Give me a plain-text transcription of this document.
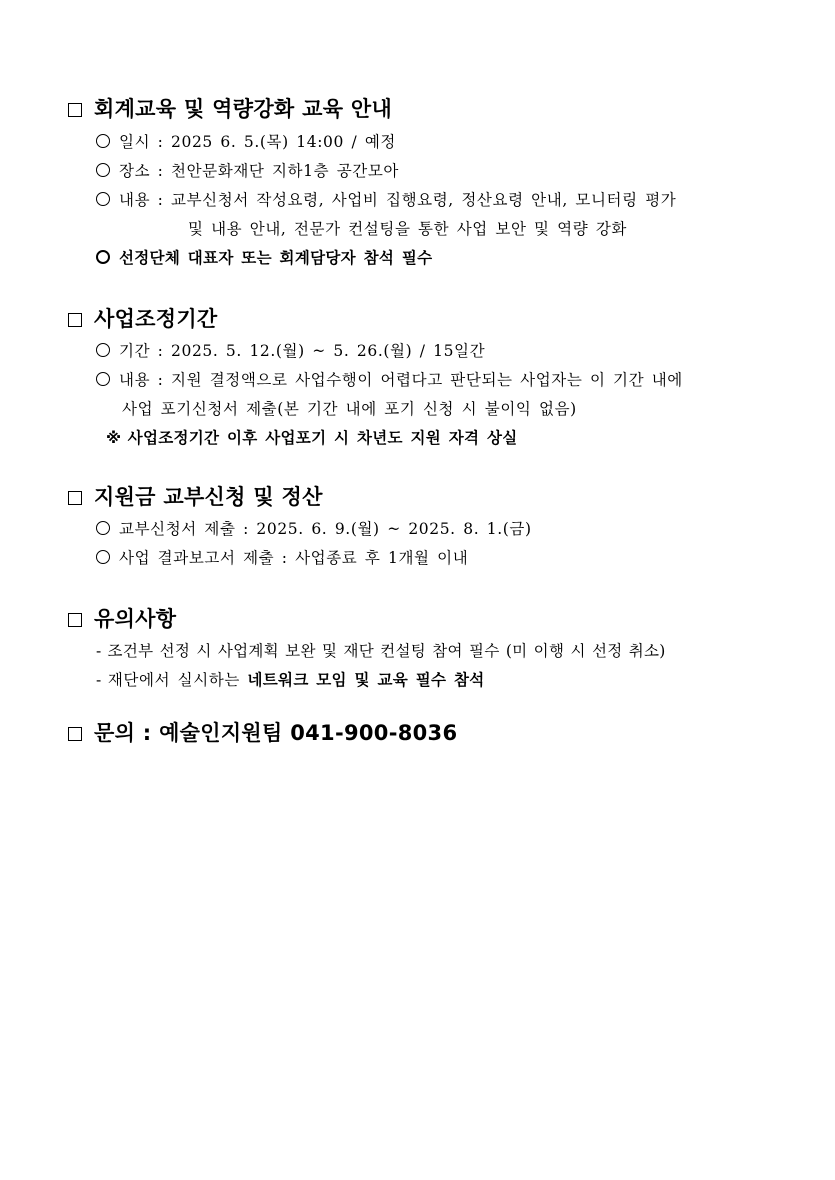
회계교육 및 역량강화 교육 안내
일시 : 2025 6. 5.(목) 14:00 / 예정
장소 : 천안문화재단 지하1층 공간모아
내용 : 교부신청서 작성요령, 사업비 집행요령, 정산요령 안내, 모니터링 평가
및 내용 안내, 전문가 컨설팅을 통한 사업 보안 및 역량 강화
선정단체 대표자 또는 회계담당자 참석 필수
사업조정기간
기간 : 2025. 5. 12.(월) ~ 5. 26.(월) / 15일간
내용 : 지원 결정액으로 사업수행이 어렵다고 판단되는 사업자는 이 기간 내에
사업 포기신청서 제출(본 기간 내에 포기 신청 시 불이익 없음)
※ 사업조정기간 이후 사업포기 시 차년도 지원 자격 상실
지원금 교부신청 및 정산
교부신청서 제출 : 2025. 6. 9.(월) ~ 2025. 8. 1.(금)
사업 결과보고서 제출 : 사업종료 후 1개월 이내
유의사항
- 조건부 선정 시 사업계획 보완 및 재단 컨설팅 참여 필수 (미 이행 시 선정 취소)
- 재단에서 실시하는 네트워크 모임 및 교육 필수 참석
문의 : 예술인지원팀 041-900-8036
